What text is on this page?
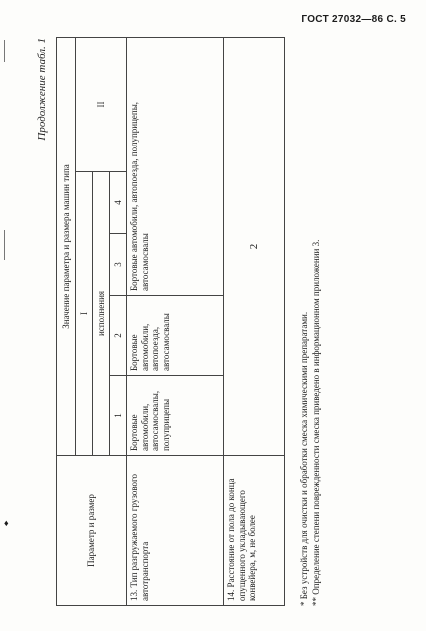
ГОСТ 27032—86 С. 5
♦
Продолжение табл. 1
Параметр и размер	Значение параметра и размера машин типа				
	I				II
	исполнения				
	1	2	3	4	
13. Тип разгружаемого грузового автотранспорта	Бортовые автомобили, автосамосвалы, полуприцепы	Бортовые автомобили, автопоезда, автосамосвалы	Бортовые автомобили, автопоезда, полуприцепы, автосамосвалы		
14. Расстояние от пола до конца опущенного укладывающего конвейера, м, не более	2				

* Без устройств для очистки и обработки смеска химическими препаратами. ** Определение степени поврежденности смеска приведено в информационном приложении 3.
